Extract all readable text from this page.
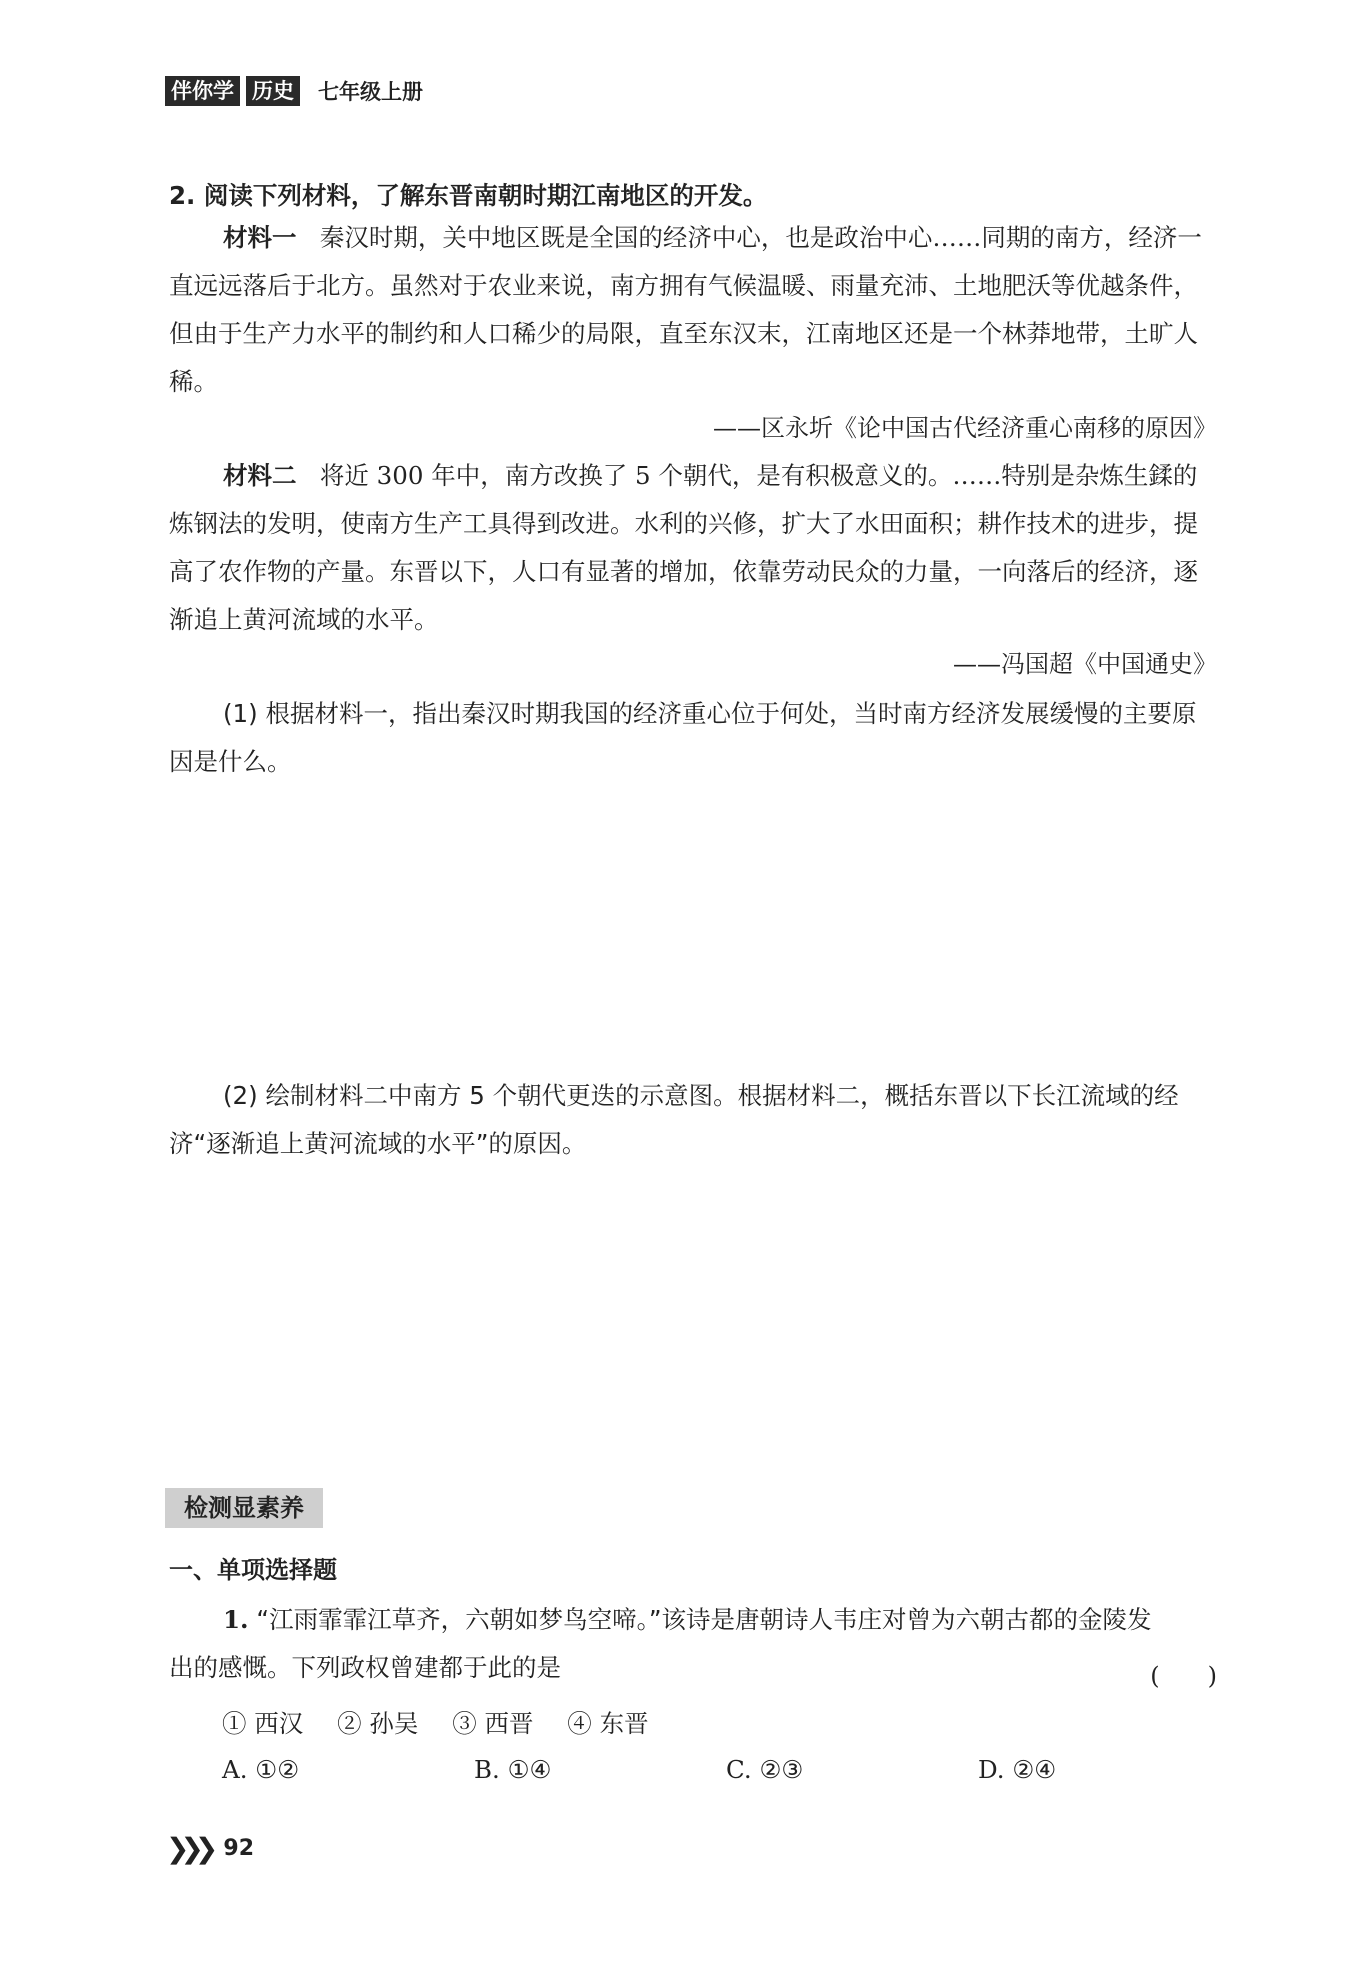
伴你学 历史 七年级上册
2. 阅读下列材料，了解东晋南朝时期江南地区的开发。
材料一 秦汉时期，关中地区既是全国的经济中心，也是政治中心……同期的南方，经济一直远远落后于北方。虽然对于农业来说，南方拥有气候温暖、雨量充沛、土地肥沃等优越条件，但由于生产力水平的制约和人口稀少的局限，直至东汉末，江南地区还是一个林莽地带，土旷人稀。
——区永圻《论中国古代经济重心南移的原因》
材料二 将近 300 年中，南方改换了 5 个朝代，是有积极意义的。……特别是杂炼生鍒的炼钢法的发明，使南方生产工具得到改进。水利的兴修，扩大了水田面积；耕作技术的进步，提高了农作物的产量。东晋以下，人口有显著的增加，依靠劳动民众的力量，一向落后的经济，逐渐追上黄河流域的水平。
——冯国超《中国通史》
(1) 根据材料一，指出秦汉时期我国的经济重心位于何处，当时南方经济发展缓慢的主要原因是什么。
(2) 绘制材料二中南方 5 个朝代更迭的示意图。根据材料二，概括东晋以下长江流域的经济“逐渐追上黄河流域的水平”的原因。
检测显素养
一、单项选择题
1. “江雨霏霏江草齐，六朝如梦鸟空啼。”该诗是唐朝诗人韦庄对曾为六朝古都的金陵发出的感慨。下列政权曾建都于此的是	(　　)
① 西汉 ② 孙吴 ③ 西晋 ④ 东晋
A. ①②	B. ①④	C. ②③	D. ②④
❯❯❯ 92
